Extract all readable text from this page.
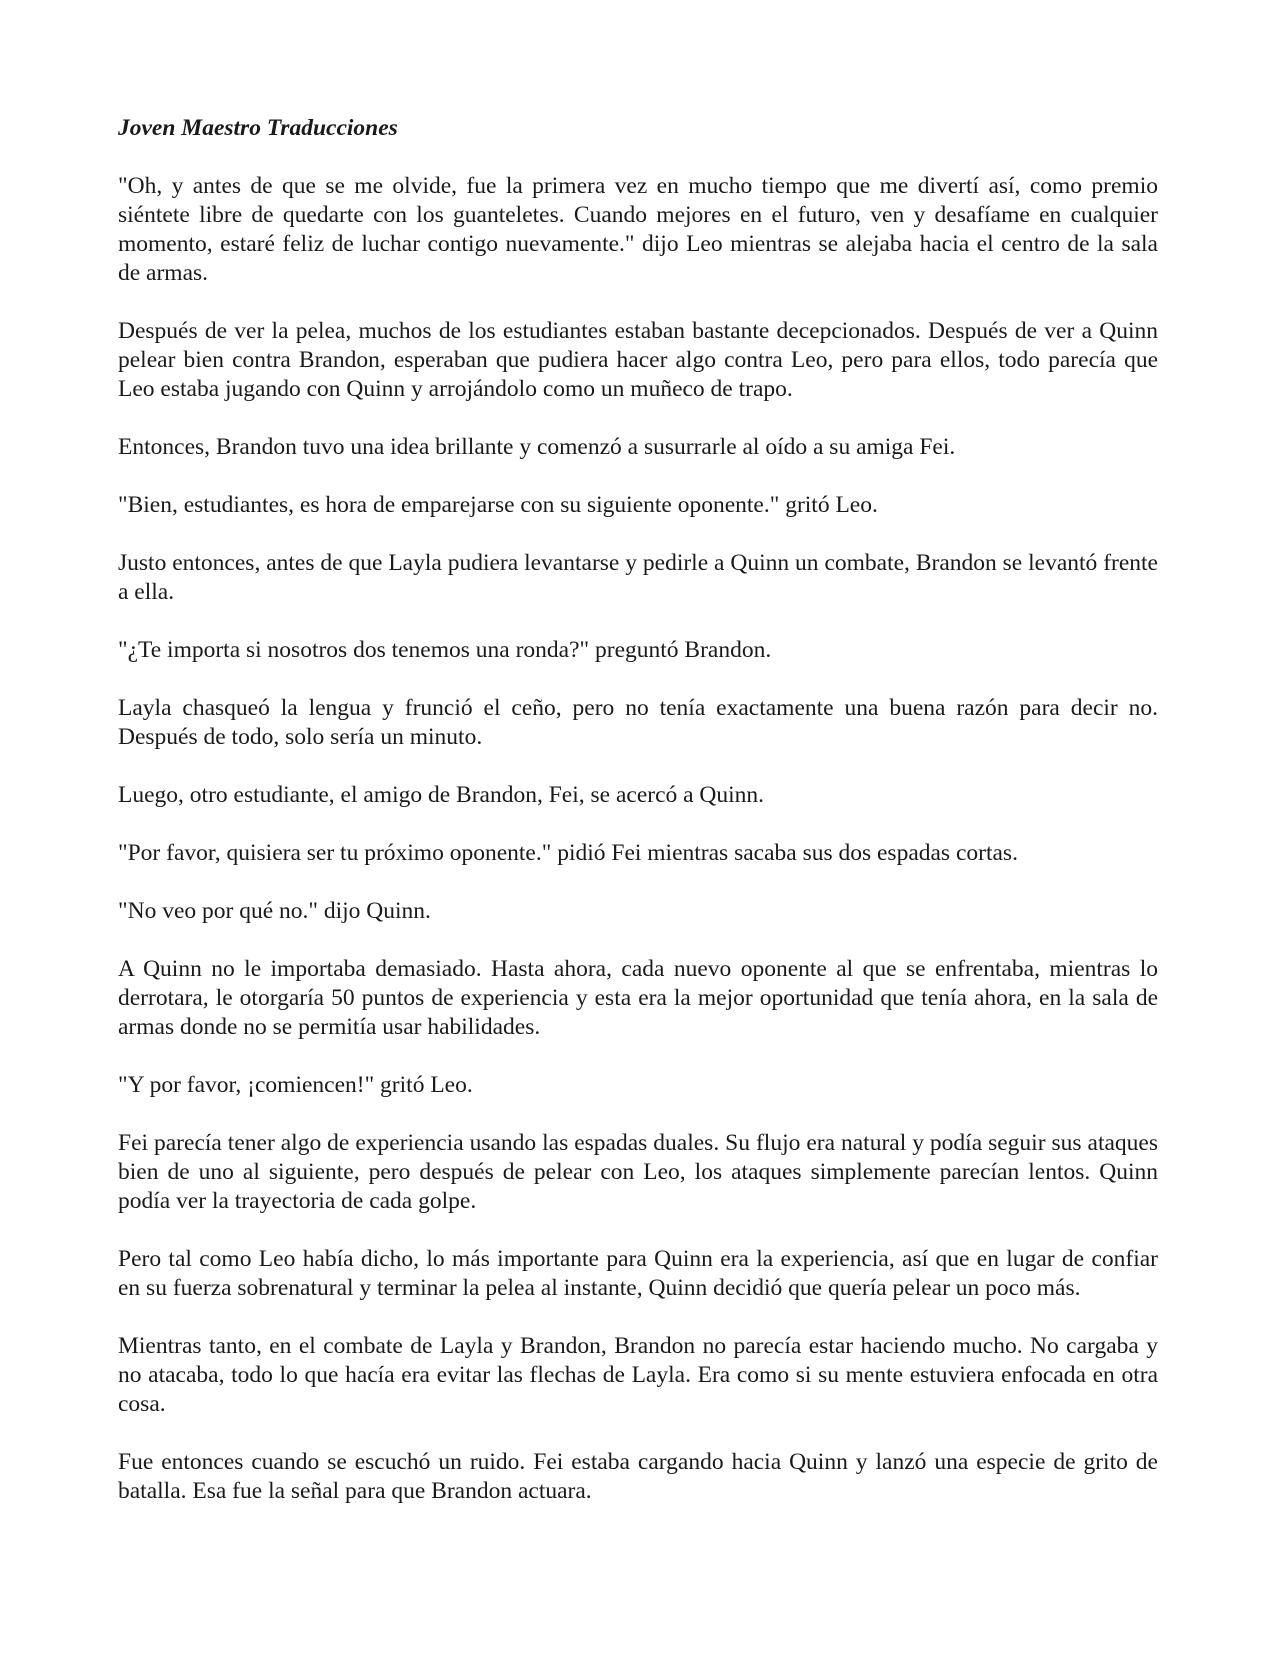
Joven Maestro Traducciones

"Oh, y antes de que se me olvide, fue la primera vez en mucho tiempo que me divertí así, como premio siéntete libre de quedarte con los guanteletes. Cuando mejores en el futuro, ven y desafíame en cualquier momento, estaré feliz de luchar contigo nuevamente." dijo Leo mientras se alejaba hacia el centro de la sala de armas.

Después de ver la pelea, muchos de los estudiantes estaban bastante decepcionados. Después de ver a Quinn pelear bien contra Brandon, esperaban que pudiera hacer algo contra Leo, pero para ellos, todo parecía que Leo estaba jugando con Quinn y arrojándolo como un muñeco de trapo.

Entonces, Brandon tuvo una idea brillante y comenzó a susurrarle al oído a su amiga Fei.

"Bien, estudiantes, es hora de emparejarse con su siguiente oponente." gritó Leo.

Justo entonces, antes de que Layla pudiera levantarse y pedirle a Quinn un combate, Brandon se levantó frente a ella.

"¿Te importa si nosotros dos tenemos una ronda?" preguntó Brandon.

Layla chasqueó la lengua y frunció el ceño, pero no tenía exactamente una buena razón para decir no. Después de todo, solo sería un minuto.

Luego, otro estudiante, el amigo de Brandon, Fei, se acercó a Quinn.

"Por favor, quisiera ser tu próximo oponente." pidió Fei mientras sacaba sus dos espadas cortas.

"No veo por qué no." dijo Quinn.

A Quinn no le importaba demasiado. Hasta ahora, cada nuevo oponente al que se enfrentaba, mientras lo derrotara, le otorgaría 50 puntos de experiencia y esta era la mejor oportunidad que tenía ahora, en la sala de armas donde no se permitía usar habilidades.

"Y por favor, ¡comiencen!" gritó Leo.

Fei parecía tener algo de experiencia usando las espadas duales. Su flujo era natural y podía seguir sus ataques bien de uno al siguiente, pero después de pelear con Leo, los ataques simplemente parecían lentos. Quinn podía ver la trayectoria de cada golpe.

Pero tal como Leo había dicho, lo más importante para Quinn era la experiencia, así que en lugar de confiar en su fuerza sobrenatural y terminar la pelea al instante, Quinn decidió que quería pelear un poco más.

Mientras tanto, en el combate de Layla y Brandon, Brandon no parecía estar haciendo mucho. No cargaba y no atacaba, todo lo que hacía era evitar las flechas de Layla. Era como si su mente estuviera enfocada en otra cosa.

Fue entonces cuando se escuchó un ruido. Fei estaba cargando hacia Quinn y lanzó una especie de grito de batalla. Esa fue la señal para que Brandon actuara.
